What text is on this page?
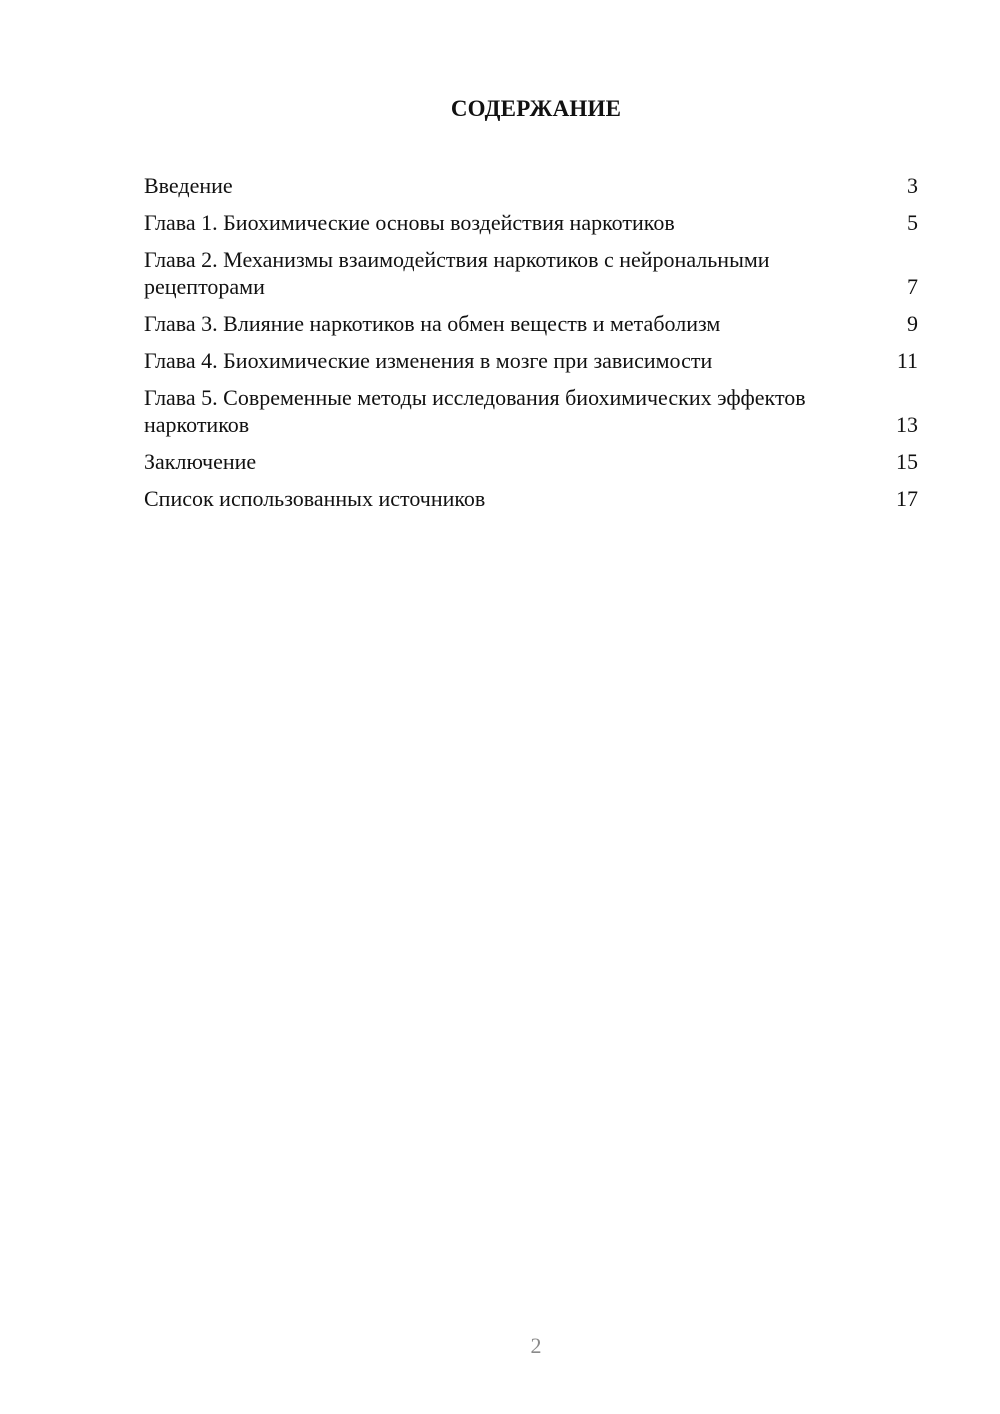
СОДЕРЖАНИЕ
Введение	3
Глава 1. Биохимические основы воздействия наркотиков	5
Глава 2. Механизмы взаимодействия наркотиков с нейрональными рецепторами	7
Глава 3. Влияние наркотиков на обмен веществ и метаболизм	9
Глава 4. Биохимические изменения в мозге при зависимости	11
Глава 5. Современные методы исследования биохимических эффектов наркотиков	13
Заключение	15
Список использованных источников	17
2
